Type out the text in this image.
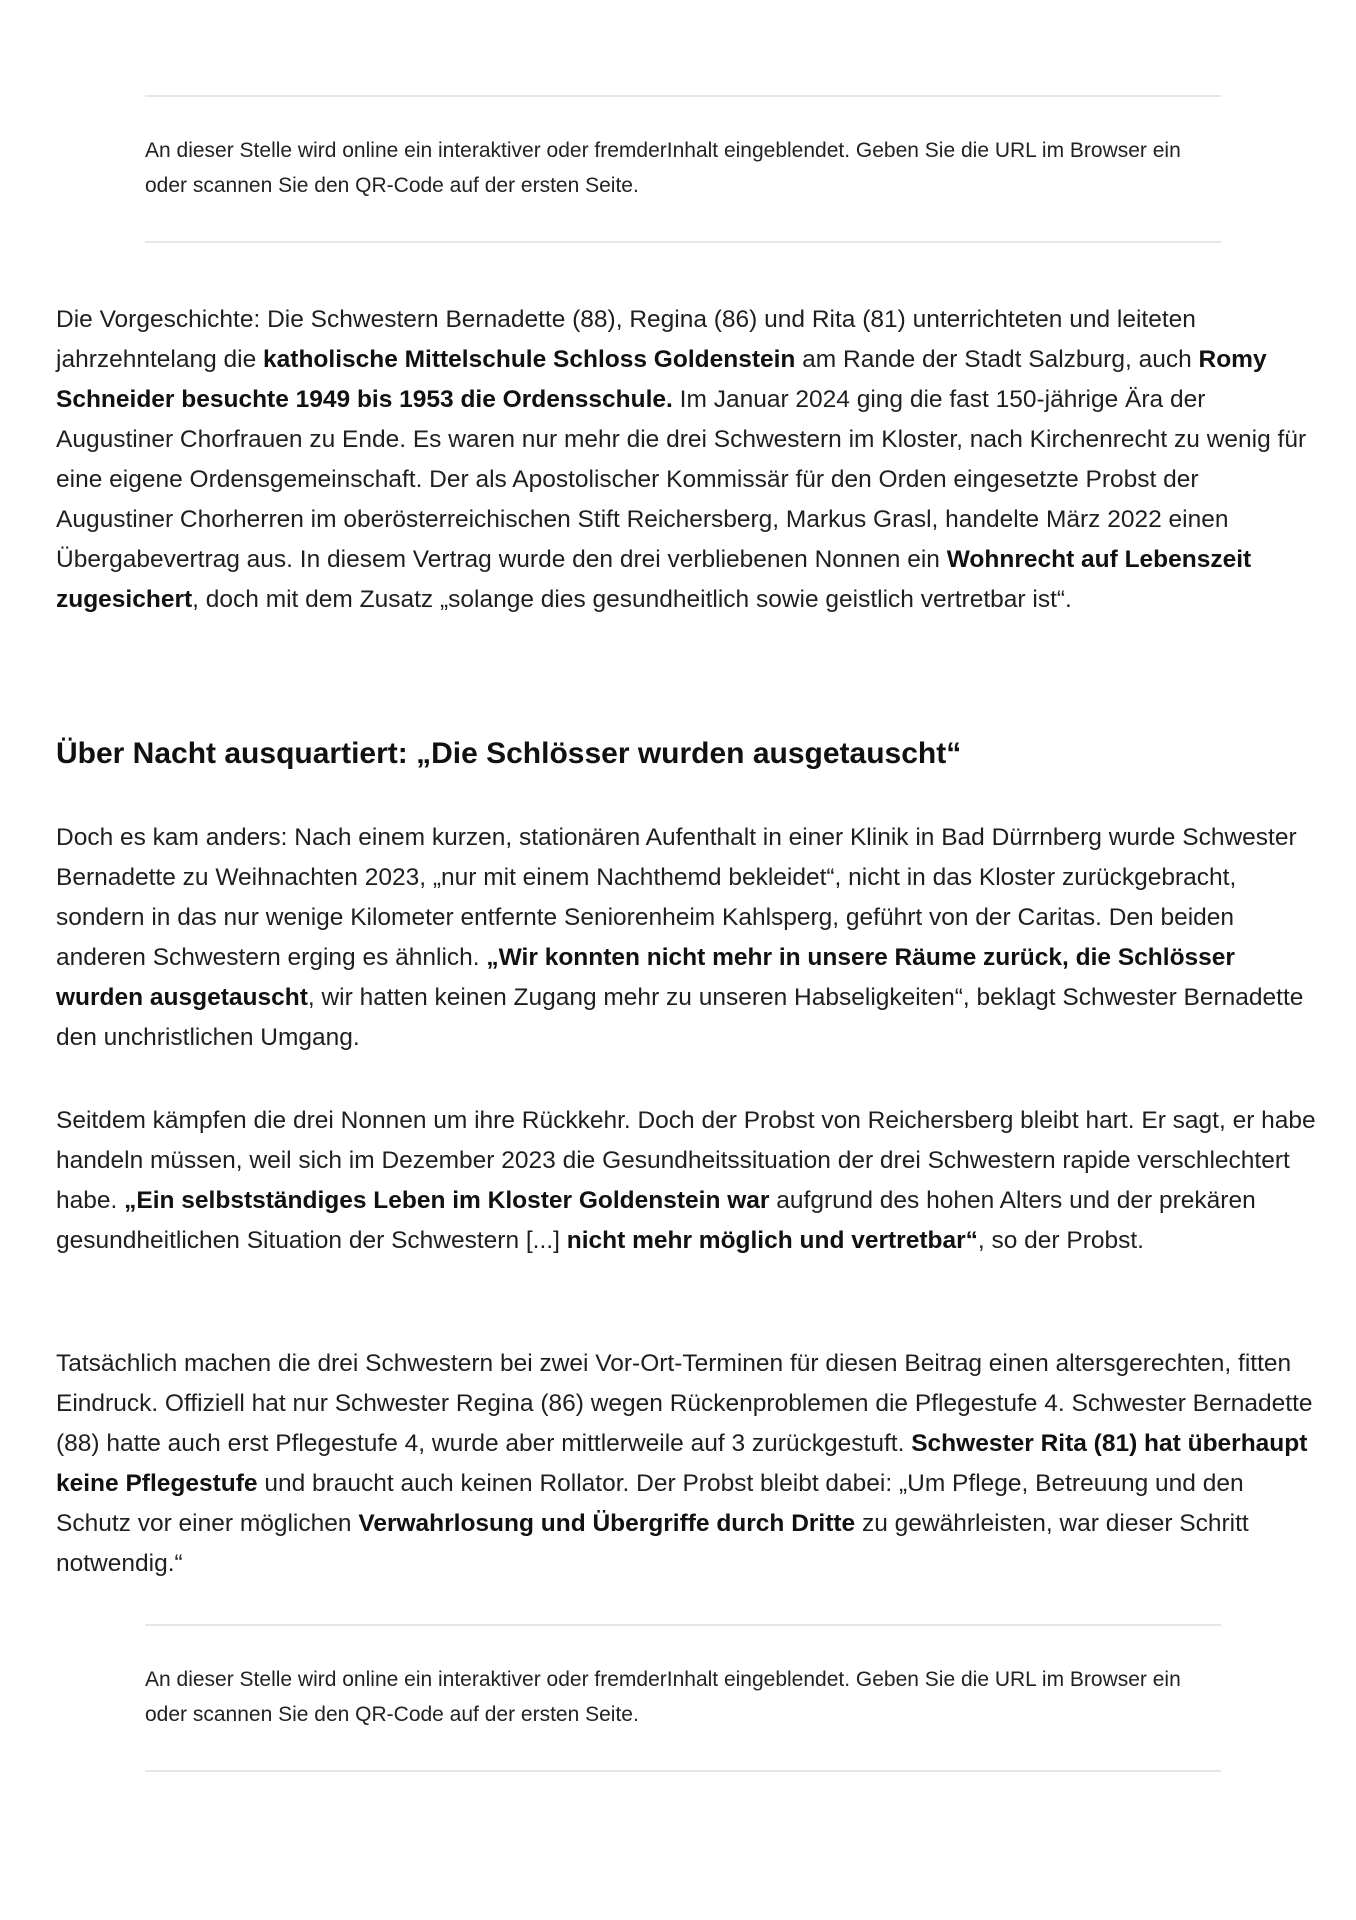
An dieser Stelle wird online ein interaktiver oder fremderInhalt eingeblendet. Geben Sie die URL im Browser ein oder scannen Sie den QR-Code auf der ersten Seite.

Die Vorgeschichte: Die Schwestern Bernadette (88), Regina (86) und Rita (81) unterrichteten und leiteten jahrzehntelang die katholische Mittelschule Schloss Goldenstein am Rande der Stadt Salzburg, auch Romy Schneider besuchte 1949 bis 1953 die Ordensschule. Im Januar 2024 ging die fast 150-jährige Ära der Augustiner Chorfrauen zu Ende. Es waren nur mehr die drei Schwestern im Kloster, nach Kirchenrecht zu wenig für eine eigene Ordensgemeinschaft. Der als Apostolischer Kommissär für den Orden eingesetzte Probst der Augustiner Chorherren im oberösterreichischen Stift Reichersberg, Markus Grasl, handelte März 2022 einen Übergabevertrag aus. In diesem Vertrag wurde den drei verbliebenen Nonnen ein Wohnrecht auf Lebenszeit zugesichert, doch mit dem Zusatz „solange dies gesundheitlich sowie geistlich vertretbar ist“.

Über Nacht ausquartiert: „Die Schlösser wurden ausgetauscht“

Doch es kam anders: Nach einem kurzen, stationären Aufenthalt in einer Klinik in Bad Dürrnberg wurde Schwester Bernadette zu Weihnachten 2023, „nur mit einem Nachthemd bekleidet“, nicht in das Kloster zurückgebracht, sondern in das nur wenige Kilometer entfernte Seniorenheim Kahlsperg, geführt von der Caritas. Den beiden anderen Schwestern erging es ähnlich. „Wir konnten nicht mehr in unsere Räume zurück, die Schlösser wurden ausgetauscht, wir hatten keinen Zugang mehr zu unseren Habseligkeiten“, beklagt Schwester Bernadette den unchristlichen Umgang.

Seitdem kämpfen die drei Nonnen um ihre Rückkehr. Doch der Probst von Reichersberg bleibt hart. Er sagt, er habe handeln müssen, weil sich im Dezember 2023 die Gesundheitssituation der drei Schwestern rapide verschlechtert habe. „Ein selbstständiges Leben im Kloster Goldenstein war aufgrund des hohen Alters und der prekären gesundheitlichen Situation der Schwestern [...] nicht mehr möglich und vertretbar“, so der Probst.

Tatsächlich machen die drei Schwestern bei zwei Vor-Ort-Terminen für diesen Beitrag einen altersgerechten, fitten Eindruck. Offiziell hat nur Schwester Regina (86) wegen Rückenproblemen die Pflegestufe 4. Schwester Bernadette (88) hatte auch erst Pflegestufe 4, wurde aber mittlerweile auf 3 zurückgestuft. Schwester Rita (81) hat überhaupt keine Pflegestufe und braucht auch keinen Rollator. Der Probst bleibt dabei: „Um Pflege, Betreuung und den Schutz vor einer möglichen Verwahrlosung und Übergriffe durch Dritte zu gewährleisten, war dieser Schritt notwendig.“

An dieser Stelle wird online ein interaktiver oder fremderInhalt eingeblendet. Geben Sie die URL im Browser ein oder scannen Sie den QR-Code auf der ersten Seite.
